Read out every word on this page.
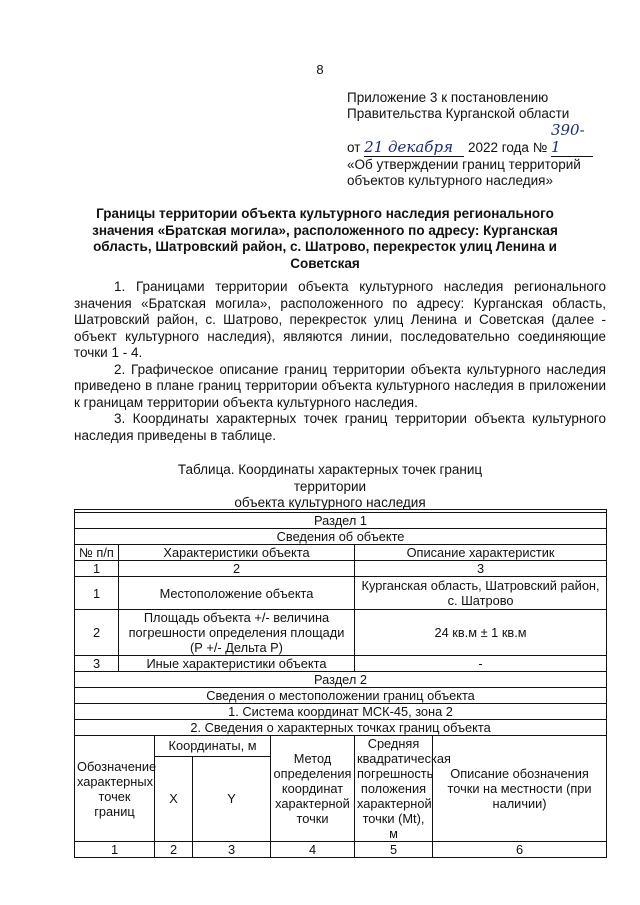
8
Приложение 3 к постановлению
Правительства Курганской области
от 21 декабря 2022 года № 390-1
«Об утверждении границ территорий
объектов культурного наследия»
Границы территории объекта культурного наследия регионального значения «Братская могила», расположенного по адресу: Курганская область, Шатровский район, с. Шатрово, перекресток улиц Ленина и Советская

1. Границами территории объекта культурного наследия регионального значения «Братская могила», расположенного по адресу: Курганская область, Шатровский район, с. Шатрово, перекресток улиц Ленина и Советская (далее - объект культурного наследия), являются линии, последовательно соединяющие точки 1 - 4.

2. Графическое описание границ территории объекта культурного наследия приведено в плане границ территории объекта культурного наследия в приложении к границам территории объекта культурного наследия.

3. Координаты характерных точек границ территории объекта культурного наследия приведены в таблице.

Таблица. Координаты характерных точек границ территории
объекта культурного наследия

Раздел 1						
Сведения об объекте						
№ п/п	Характеристики объекта				Описание характеристик	
1	2				3	
1	Местоположение объекта				Курганская область, Шатровский район, с. Шатрово	
2	Площадь объекта +/- величина погрешности определения площади (Р +/- Дельта Р)				24 кв.м ± 1 кв.м	
3	Иные характеристики объекта				-	
Раздел 2						
Сведения о местоположении границ объекта						
1. Система координат МСК-45, зона 2						
2. Сведения о характерных точках границ объекта						
Обозначение характерных точек границ		Координаты, м		Метод определения координат характерной точки	Средняя квадратическая погрешность положения характерной точки (Mt), м	Описание обозначения точки на местности (при наличии)
		X	Y			
1		2	3	4	5	6
